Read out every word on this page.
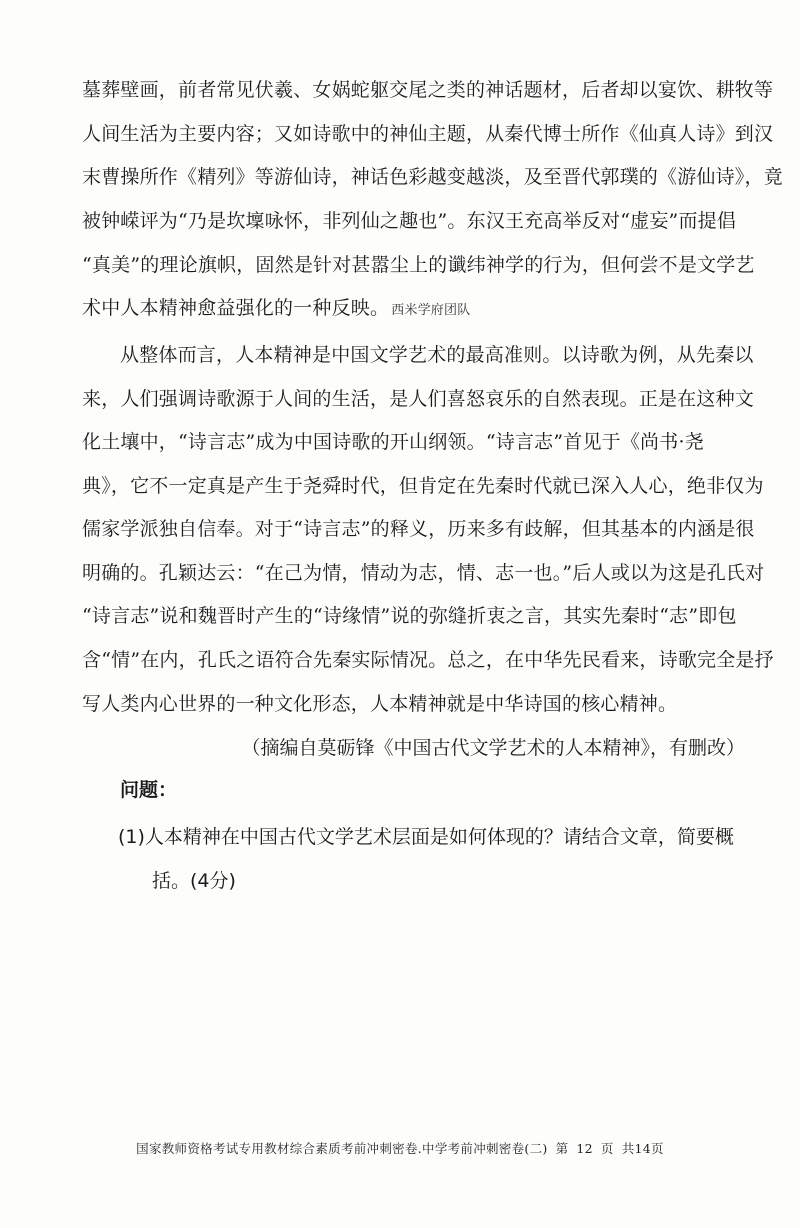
墓葬壁画，前者常见伏羲、女娲蛇躯交尾之类的神话题材，后者却以宴饮、耕牧等
人间生活为主要内容；又如诗歌中的神仙主题，从秦代博士所作《仙真人诗》到汉
末曹操所作《精列》等游仙诗，神话色彩越变越淡，及至晋代郭璞的《游仙诗》，竟
被钟嵘评为“乃是坎壈咏怀，非列仙之趣也”。东汉王充高举反对“虚妄”而提倡
“真美”的理论旗帜，固然是针对甚嚣尘上的谶纬神学的行为，但何尝不是文学艺
术中人本精神愈益强化的一种反映。 西米学府团队
从整体而言，人本精神是中国文学艺术的最高准则。以诗歌为例，从先秦以
来，人们强调诗歌源于人间的生活，是人们喜怒哀乐的自然表现。正是在这种文
化土壤中，“诗言志”成为中国诗歌的开山纲领。“诗言志”首见于《尚书·尧
典》，它不一定真是产生于尧舜时代，但肯定在先秦时代就已深入人心，绝非仅为
儒家学派独自信奉。对于“诗言志”的释义，历来多有歧解，但其基本的内涵是很
明确的。孔颖达云：“在己为情，情动为志，情、志一也。”后人或以为这是孔氏对
“诗言志”说和魏晋时产生的“诗缘情”说的弥缝折衷之言，其实先秦时“志”即包
含“情”在内，孔氏之语符合先秦实际情况。总之，在中华先民看来，诗歌完全是抒
写人类内心世界的一种文化形态，人本精神就是中华诗国的核心精神。
（摘编自莫砺锋《中国古代文学艺术的人本精神》，有删改）
问题：
(1)人本精神在中国古代文学艺术层面是如何体现的？请结合文章，简要概
括。(4分)
国家教师资格考试专用教材综合素质考前冲刺密卷.中学考前冲刺密卷(二) 第 12 页 共14页
